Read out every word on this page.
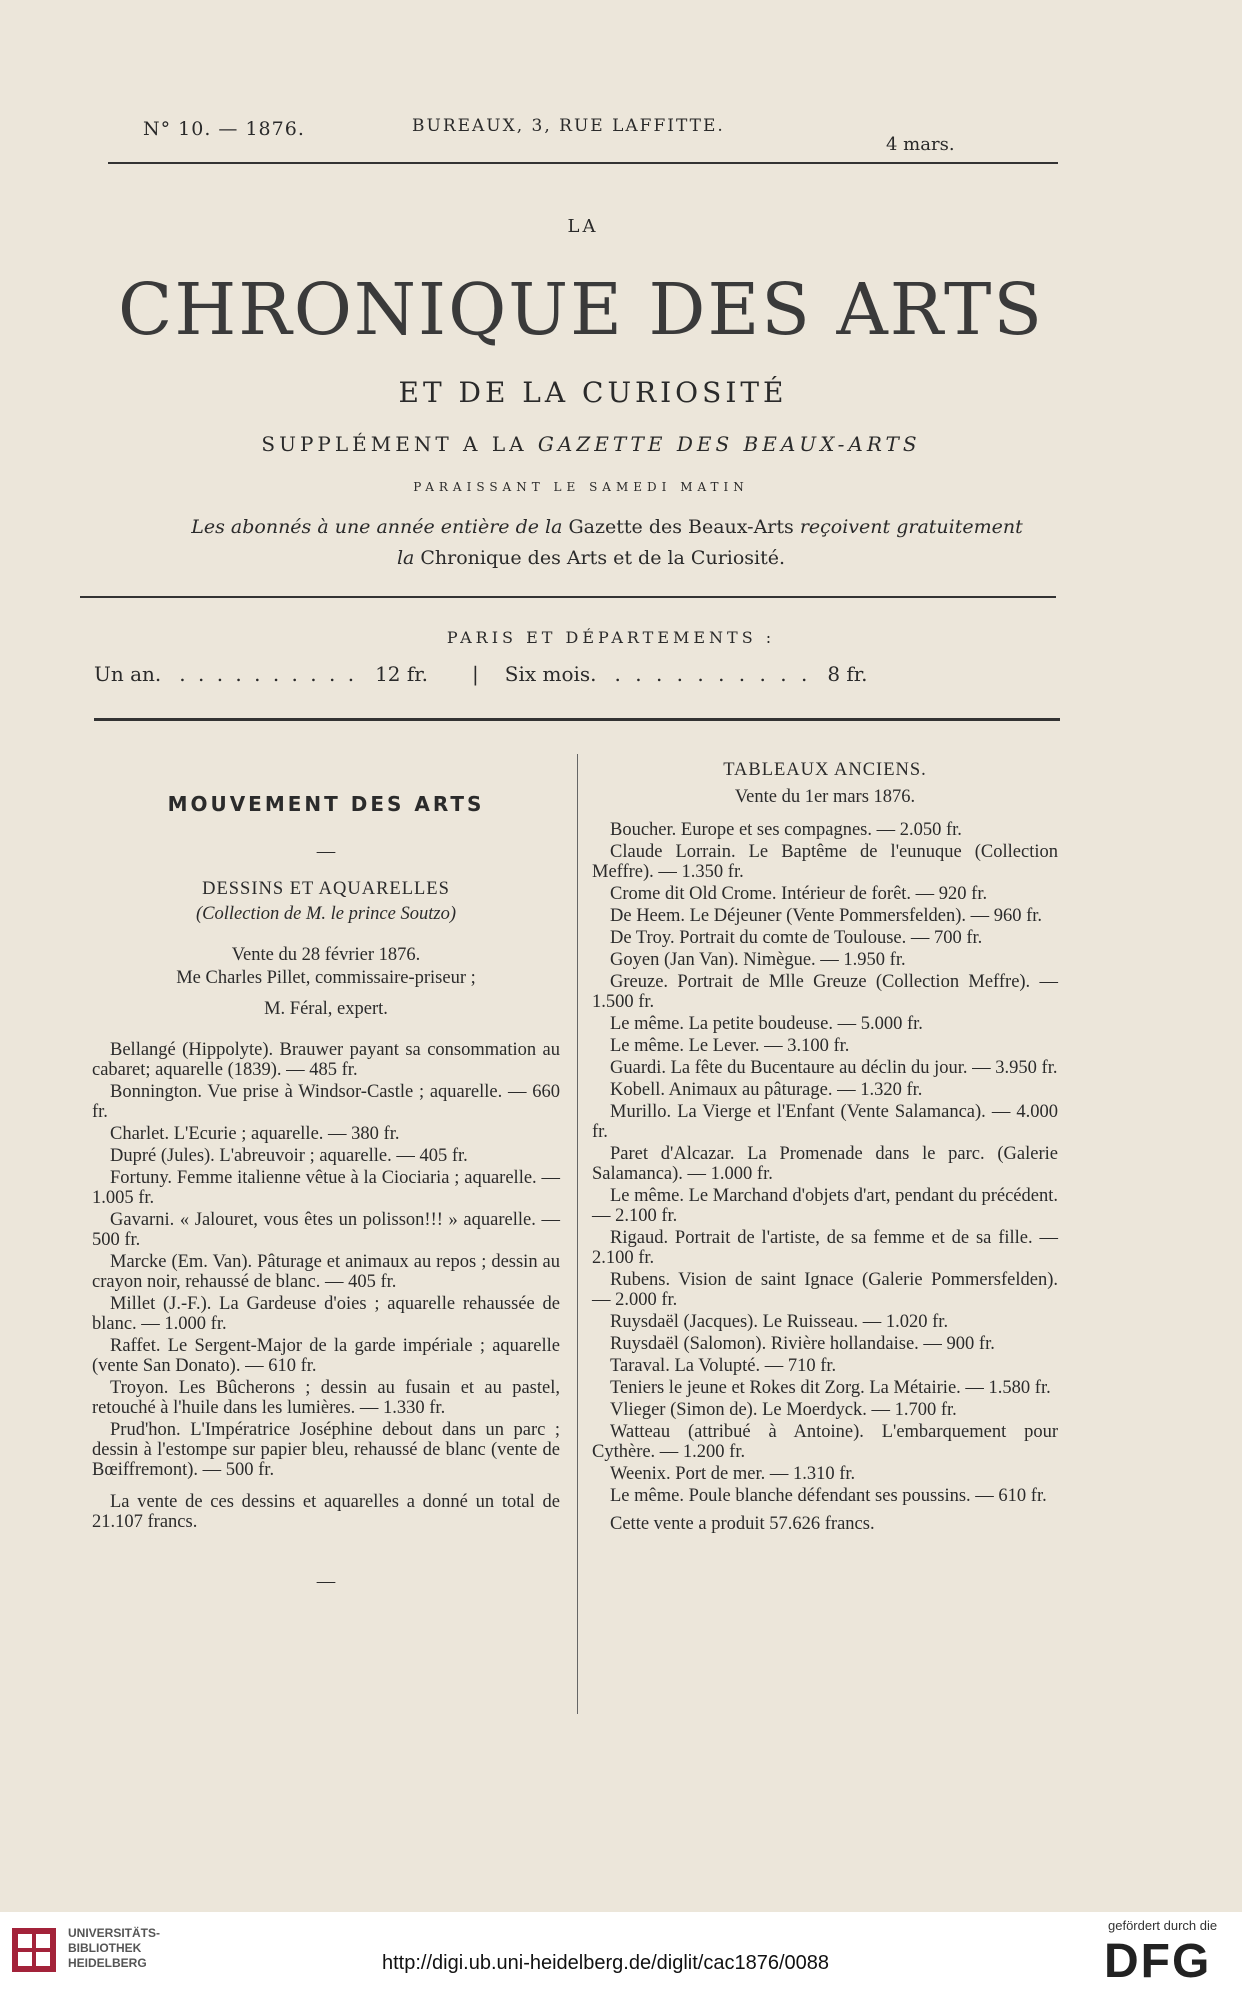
N° 10. — 1876.	BUREAUX, 3, RUE LAFFITTE.
4 mars.
LA
CHRONIQUE DES ARTS
ET DE LA CURIOSITÉ
SUPPLÉMENT A LA GAZETTE DES BEAUX-ARTS
PARAISSANT LE SAMEDI MATIN
Les abonnés à une année entière de la Gazette des Beaux-Arts reçoivent gratuitement
la Chronique des Arts et de la Curiosité.
PARIS ET DÉPARTEMENTS :
Un an. . . . . . . . . . . 12 fr. | Six mois. . . . . . . . . . . 8 fr.
MOUVEMENT DES ARTS
—
DESSINS ET AQUARELLES
(Collection de M. le prince Soutzo)
Vente du 28 février 1876.
Me Charles Pillet, commissaire-priseur ;
M. Féral, expert.

Bellangé (Hippolyte). Brauwer payant sa consommation au cabaret; aquarelle (1839). — 485 fr.

Bonnington. Vue prise à Windsor-Castle ; aquarelle. — 660 fr.

Charlet. L'Ecurie ; aquarelle. — 380 fr.

Dupré (Jules). L'abreuvoir ; aquarelle. — 405 fr.

Fortuny. Femme italienne vêtue à la Ciociaria ; aquarelle. — 1.005 fr.

Gavarni. « Jalouret, vous êtes un polisson!!! » aquarelle. — 500 fr.

Marcke (Em. Van). Pâturage et animaux au repos ; dessin au crayon noir, rehaussé de blanc. — 405 fr.

Millet (J.-F.). La Gardeuse d'oies ; aquarelle rehaussée de blanc. — 1.000 fr.

Raffet. Le Sergent-Major de la garde impériale ; aquarelle (vente San Donato). — 610 fr.

Troyon. Les Bûcherons ; dessin au fusain et au pastel, retouché à l'huile dans les lumières. — 1.330 fr.

Prud'hon. L'Impératrice Joséphine debout dans un parc ; dessin à l'estompe sur papier bleu, rehaussé de blanc (vente de Bœiffremont). — 500 fr.

La vente de ces dessins et aquarelles a donné un total de 21.107 francs.

—
TABLEAUX ANCIENS.
Vente du 1er mars 1876.

Boucher. Europe et ses compagnes. — 2.050 fr.

Claude Lorrain. Le Baptême de l'eunuque (Collection Meffre). — 1.350 fr.

Crome dit Old Crome. Intérieur de forêt. — 920 fr.

De Heem. Le Déjeuner (Vente Pommersfelden). — 960 fr.

De Troy. Portrait du comte de Toulouse. — 700 fr.

Goyen (Jan Van). Nimègue. — 1.950 fr.

Greuze. Portrait de Mlle Greuze (Collection Meffre). — 1.500 fr.

Le même. La petite boudeuse. — 5.000 fr.

Le même. Le Lever. — 3.100 fr.

Guardi. La fête du Bucentaure au déclin du jour. — 3.950 fr.

Kobell. Animaux au pâturage. — 1.320 fr.

Murillo. La Vierge et l'Enfant (Vente Salamanca). — 4.000 fr.

Paret d'Alcazar. La Promenade dans le parc. (Galerie Salamanca). — 1.000 fr.

Le même. Le Marchand d'objets d'art, pendant du précédent. — 2.100 fr.

Rigaud. Portrait de l'artiste, de sa femme et de sa fille. — 2.100 fr.

Rubens. Vision de saint Ignace (Galerie Pommersfelden). — 2.000 fr.

Ruysdaël (Jacques). Le Ruisseau. — 1.020 fr.

Ruysdaël (Salomon). Rivière hollandaise. — 900 fr.

Taraval. La Volupté. — 710 fr.

Teniers le jeune et Rokes dit Zorg. La Métairie. — 1.580 fr.

Vlieger (Simon de). Le Moerdyck. — 1.700 fr.

Watteau (attribué à Antoine). L'embarquement pour Cythère. — 1.200 fr.

Weenix. Port de mer. — 1.310 fr.

Le même. Poule blanche défendant ses poussins. — 610 fr.

Cette vente a produit 57.626 francs.

UNIVERSITÄTS-
BIBLIOTHEK
HEIDELBERG	http://digi.ub.uni-heidelberg.de/diglit/cac1876/0088
gefördert durch die
DFG
